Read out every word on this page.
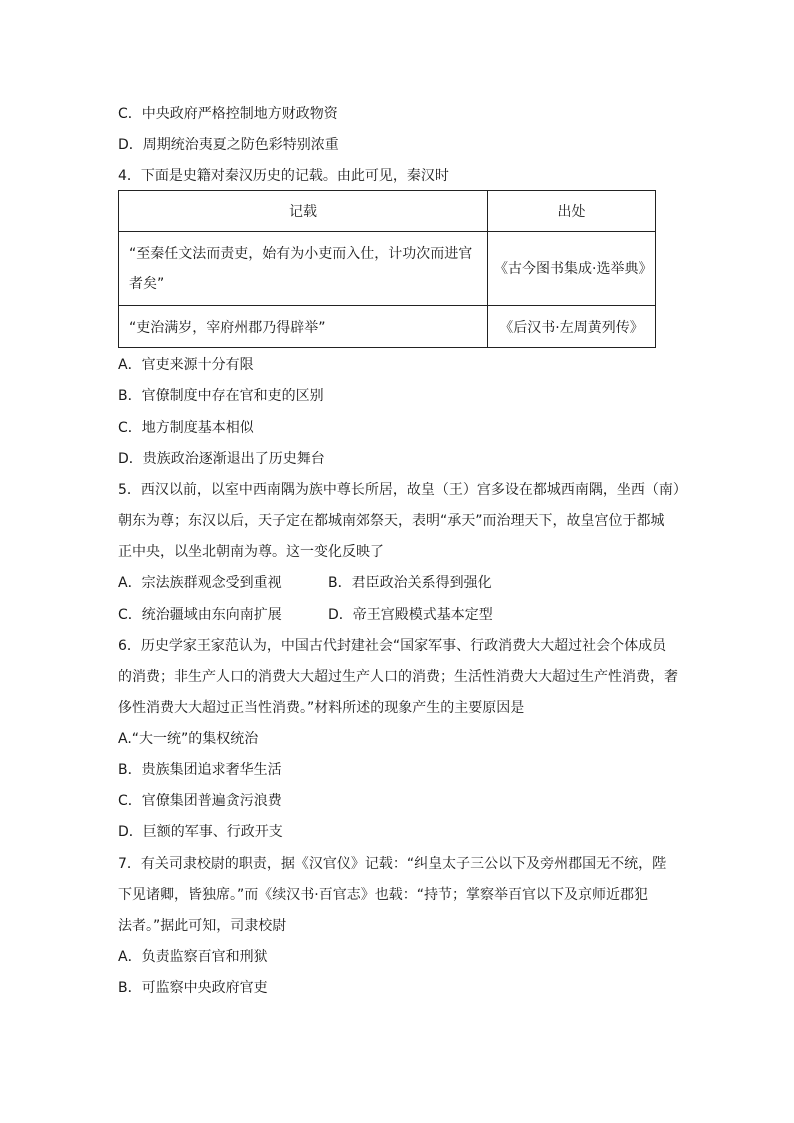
C．中央政府严格控制地方财政物资
D．周期统治夷夏之防色彩特别浓重
4．下面是史籍对秦汉历史的记载。由此可见，秦汉时
记载	出处
“至秦任文法而责吏，始有为小吏而入仕，计功次而进官者矣”	《古今图书集成·选举典》
“吏治满岁，宰府州郡乃得辟举”	《后汉书·左周黄列传》
A．官吏来源十分有限
B．官僚制度中存在官和吏的区别
C．地方制度基本相似
D．贵族政治逐渐退出了历史舞台
5．西汉以前，以室中西南隅为族中尊长所居，故皇（王）宫多设在都城西南隅，坐西（南）
朝东为尊；东汉以后，天子定在都城南郊祭天，表明“承天”而治理天下，故皇宫位于都城
正中央，以坐北朝南为尊。这一变化反映了
A．宗法族群观念受到重视	B．君臣政治关系得到强化
C．统治疆域由东向南扩展	D．帝王宫殿模式基本定型
6．历史学家王家范认为，中国古代封建社会“国家军事、行政消费大大超过社会个体成员
的消费；非生产人口的消费大大超过生产人口的消费；生活性消费大大超过生产性消费，奢
侈性消费大大超过正当性消费。”材料所述的现象产生的主要原因是
A.“大一统”的集权统治
B．贵族集团追求奢华生活
C．官僚集团普遍贪污浪费
D．巨额的军事、行政开支
7．有关司隶校尉的职责，据《汉官仪》记载：“纠皇太子三公以下及旁州郡国无不统，陛
下见诸卿，皆独席。”而《续汉书·百官志》也载：“持节；掌察举百官以下及京师近郡犯
法者。”据此可知，司隶校尉
A．负责监察百官和刑狱
B．可监察中央政府官吏
